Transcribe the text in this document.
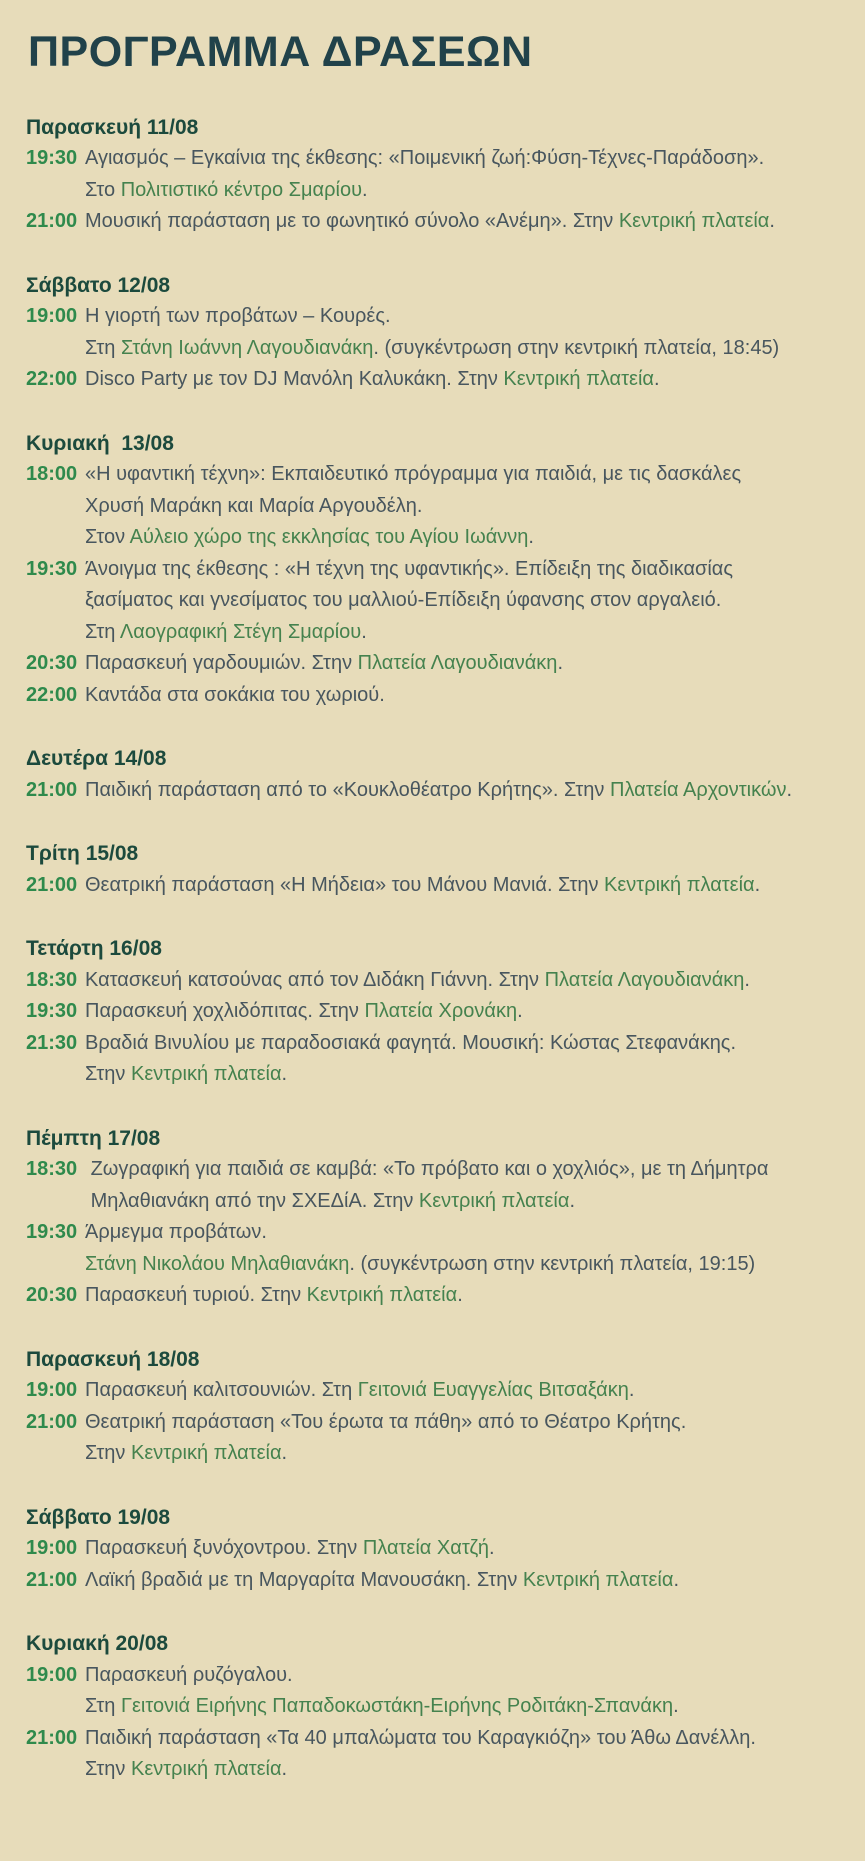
ΠΡΟΓΡΑΜΜΑ ΔΡΑΣΕΩΝ
Παρασκευή 11/08
19:30 Αγιασμός – Εγκαίνια της έκθεσης: «Ποιμενική ζωή:Φύση-Τέχνες-Παράδοση».
Στο Πολιτιστικό κέντρο Σμαρίου.
21:00 Μουσική παράσταση με το φωνητικό σύνολο «Ανέμη». Στην Κεντρική πλατεία.
Σάββατο 12/08
19:00 Η γιορτή των προβάτων – Κουρές.
Στη Στάνη Ιωάννη Λαγουδιανάκη. (συγκέντρωση στην κεντρική πλατεία, 18:45)
22:00 Disco Party με τον DJ Μανόλη Καλυκάκη. Στην Κεντρική πλατεία.
Κυριακή  13/08
18:00 «Η υφαντική τέχνη»: Εκπαιδευτικό πρόγραμμα για παιδιά, με τις δασκάλες
Χρυσή Μαράκη και Μαρία Αργουδέλη.
Στον Αύλειο χώρο της εκκλησίας του Αγίου Ιωάννη.
19:30 Άνοιγμα της έκθεσης : «Η τέχνη της υφαντικής». Επίδειξη της διαδικασίας
ξασίματος και γνεσίματος του μαλλιού-Επίδειξη ύφανσης στον αργαλειό.
Στη Λαογραφική Στέγη Σμαρίου.
20:30 Παρασκευή γαρδουμιών. Στην Πλατεία Λαγουδιανάκη.
22:00 Καντάδα στα σοκάκια του χωριού.
Δευτέρα 14/08
21:00 Παιδική παράσταση από το «Κουκλοθέατρο Κρήτης». Στην Πλατεία Αρχοντικών.
Τρίτη 15/08
21:00 Θεατρική παράσταση «Η Μήδεια» του Μάνου Μανιά. Στην Κεντρική πλατεία.
Τετάρτη 16/08
18:30 Κατασκευή κατσούνας από τον Διδάκη Γιάννη. Στην Πλατεία Λαγουδιανάκη.
19:30 Παρασκευή χοχλιδόπιτας. Στην Πλατεία Χρονάκη.
21:30 Βραδιά Βινυλίου με παραδοσιακά φαγητά. Μουσική: Κώστας Στεφανάκης.
Στην Κεντρική πλατεία.
Πέμπτη 17/08
18:30 Ζωγραφική για παιδιά σε καμβά: «Το πρόβατο και ο χοχλιός», με τη Δήμητρα
Μηλαθιανάκη από την ΣΧΕΔίΑ. Στην Κεντρική πλατεία.
19:30 Άρμεγμα προβάτων.
Στάνη Νικολάου Μηλαθιανάκη. (συγκέντρωση στην κεντρική πλατεία, 19:15)
20:30 Παρασκευή τυριού. Στην Κεντρική πλατεία.
Παρασκευή 18/08
19:00 Παρασκευή καλιτσουνιών. Στη Γειτονιά Ευαγγελίας Βιτσαξάκη.
21:00 Θεατρική παράσταση «Του έρωτα τα πάθη» από το Θέατρο Κρήτης.
Στην Κεντρική πλατεία.
Σάββατο 19/08
19:00 Παρασκευή ξυνόχοντρου. Στην Πλατεία Χατζή.
21:00 Λαϊκή βραδιά με τη Μαργαρίτα Μανουσάκη. Στην Κεντρική πλατεία.
Κυριακή 20/08
19:00 Παρασκευή ρυζόγαλου.
Στη Γειτονιά Ειρήνης Παπαδοκωστάκη-Ειρήνης Ροδιτάκη-Σπανάκη.
21:00 Παιδική παράσταση «Τα 40 μπαλώματα του Καραγκιόζη» του Άθω Δανέλλη.
Στην Κεντρική πλατεία.
